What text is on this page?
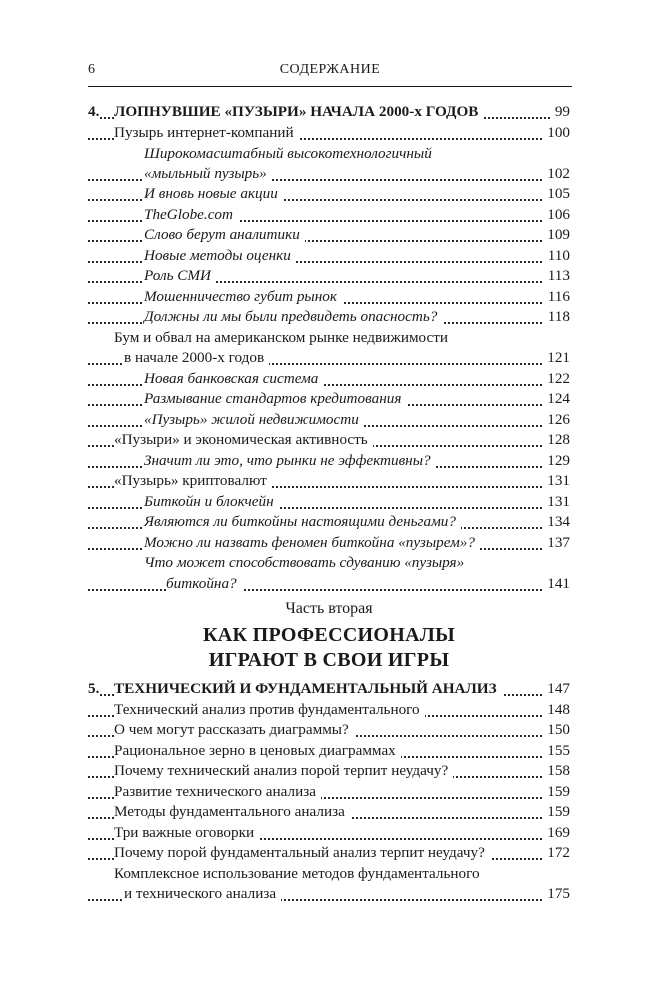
6	СОДЕРЖАНИЕ
4. ЛОПНУВШИЕ «ПУЗЫРИ» НАЧАЛА 2000-х ГОДОВ	99
Пузырь интернет-компаний	100
Широкомасштабный высокотехнологичный
«мыльный пузырь»	102
И вновь новые акции	105
TheGlobe.com	106
Слово берут аналитики	109
Новые методы оценки	110
Роль СМИ	113
Мошенничество губит рынок	116
Должны ли мы были предвидеть опасность?	118
Бум и обвал на американском рынке недвижимости
в начале 2000-х годов	121
Новая банковская система	122
Размывание стандартов кредитования	124
«Пузырь» жилой недвижимости	126
«Пузыри» и экономическая активность	128
Значит ли это, что рынки не эффективны?	129
«Пузырь» криптовалют	131
Биткойн и блокчейн	131
Являются ли биткойны настоящими деньгами?	134
Можно ли назвать феномен биткойна «пузырем»?	137
Что может способствовать сдуванию «пузыря»
биткойна?	141
Часть вторая
КАК ПРОФЕССИОНАЛЫ
ИГРАЮТ В СВОИ ИГРЫ
5. ТЕХНИЧЕСКИЙ И ФУНДАМЕНТАЛЬНЫЙ АНАЛИЗ	147
Технический анализ против фундаментального	148
О чем могут рассказать диаграммы?	150
Рациональное зерно в ценовых диаграммах	155
Почему технический анализ порой терпит неудачу?	158
Развитие технического анализа	159
Методы фундаментального анализа	159
Три важные оговорки	169
Почему порой фундаментальный анализ терпит неудачу?	172
Комплексное использование методов фундаментального
и технического анализа	175
